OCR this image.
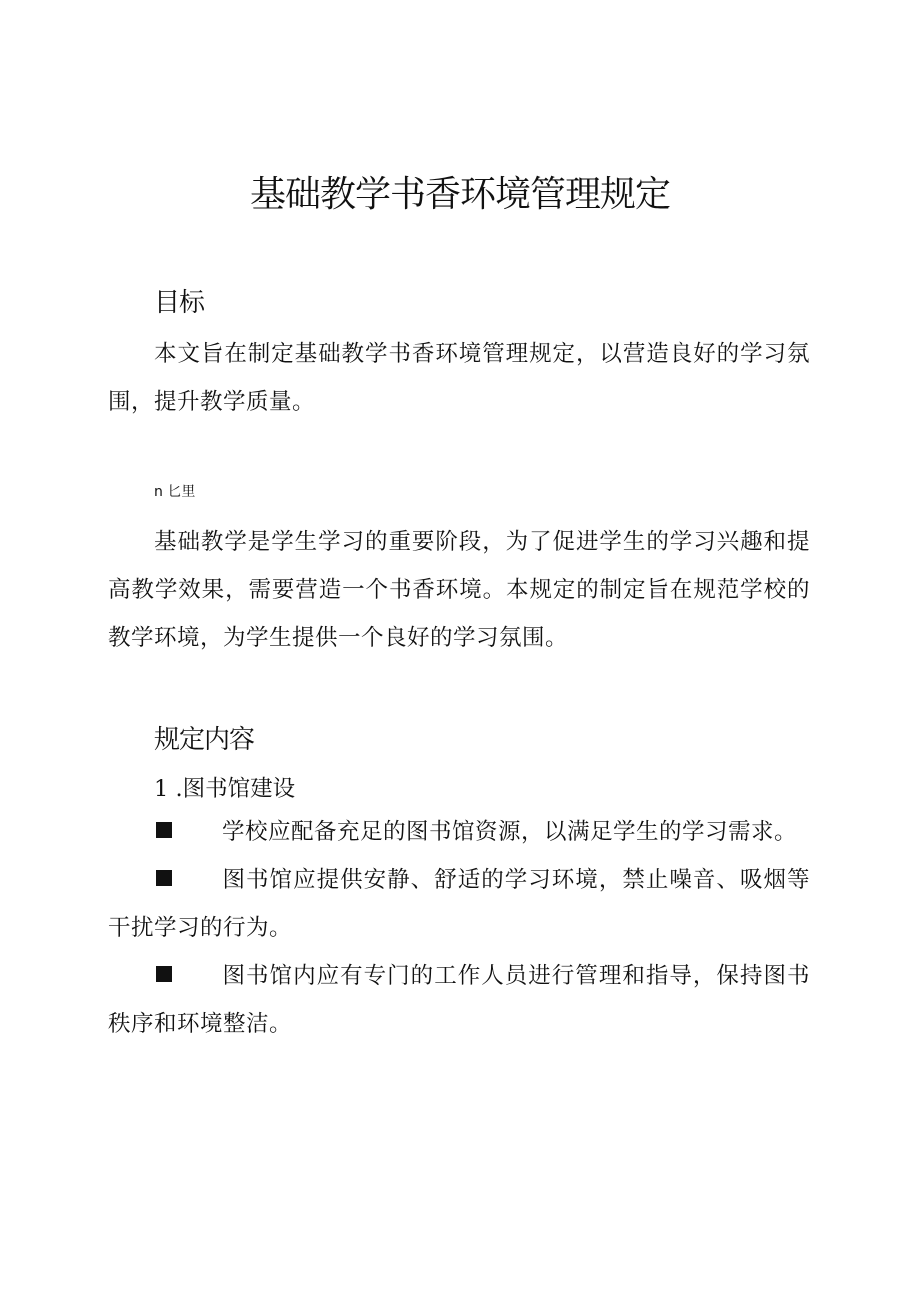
基础教学书香环境管理规定
目标

本文旨在制定基础教学书香环境管理规定，以营造良好的学习氛围，提升教学质量。

n 匕里

基础教学是学生学习的重要阶段，为了促进学生的学习兴趣和提高教学效果，需要营造一个书香环境。本规定的制定旨在规范学校的教学环境，为学生提供一个良好的学习氛围。

规定内容

1 .图书馆建设

学校应配备充足的图书馆资源，以满足学生的学习需求。

图书馆应提供安静、舒适的学习环境，禁止噪音、吸烟等干扰学习的行为。

图书馆内应有专门的工作人员进行管理和指导，保持图书秩序和环境整洁。
